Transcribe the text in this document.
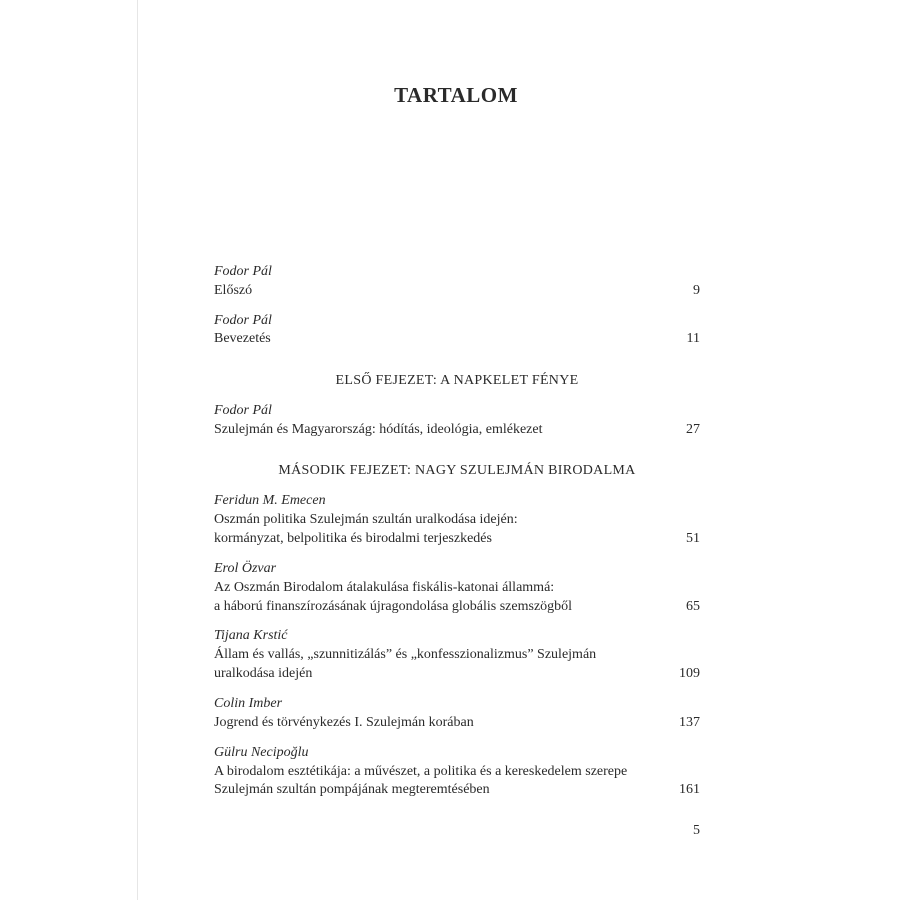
TARTALOM
Fodor Pál
Előszó	9
Fodor Pál
Bevezetés	11
ELSŐ FEJEZET: A NAPKELET FÉNYE
Fodor Pál
Szulejmán és Magyarország: hódítás, ideológia, emlékezet	27
MÁSODIK FEJEZET: NAGY SZULEJMÁN BIRODALMA
Feridun M. Emecen
Oszmán politika Szulejmán szultán uralkodása idején:
kormányzat, belpolitika és birodalmi terjeszkedés	51
Erol Özvar
Az Oszmán Birodalom átalakulása fiskális-katonai állammá:
a háború finanszírozásának újragondolása globális szemszögből	65
Tijana Krstić
Állam és vallás, „szunnitizálás” és „konfesszionalizmus” Szulejmán
uralkodása idején	109
Colin Imber
Jogrend és törvénykezés I. Szulejmán korában	137
Gülru Necipoğlu
A birodalom esztétikája: a művészet, a politika és a kereskedelem szerepe
Szulejmán szultán pompájának megteremtésében	161
5
